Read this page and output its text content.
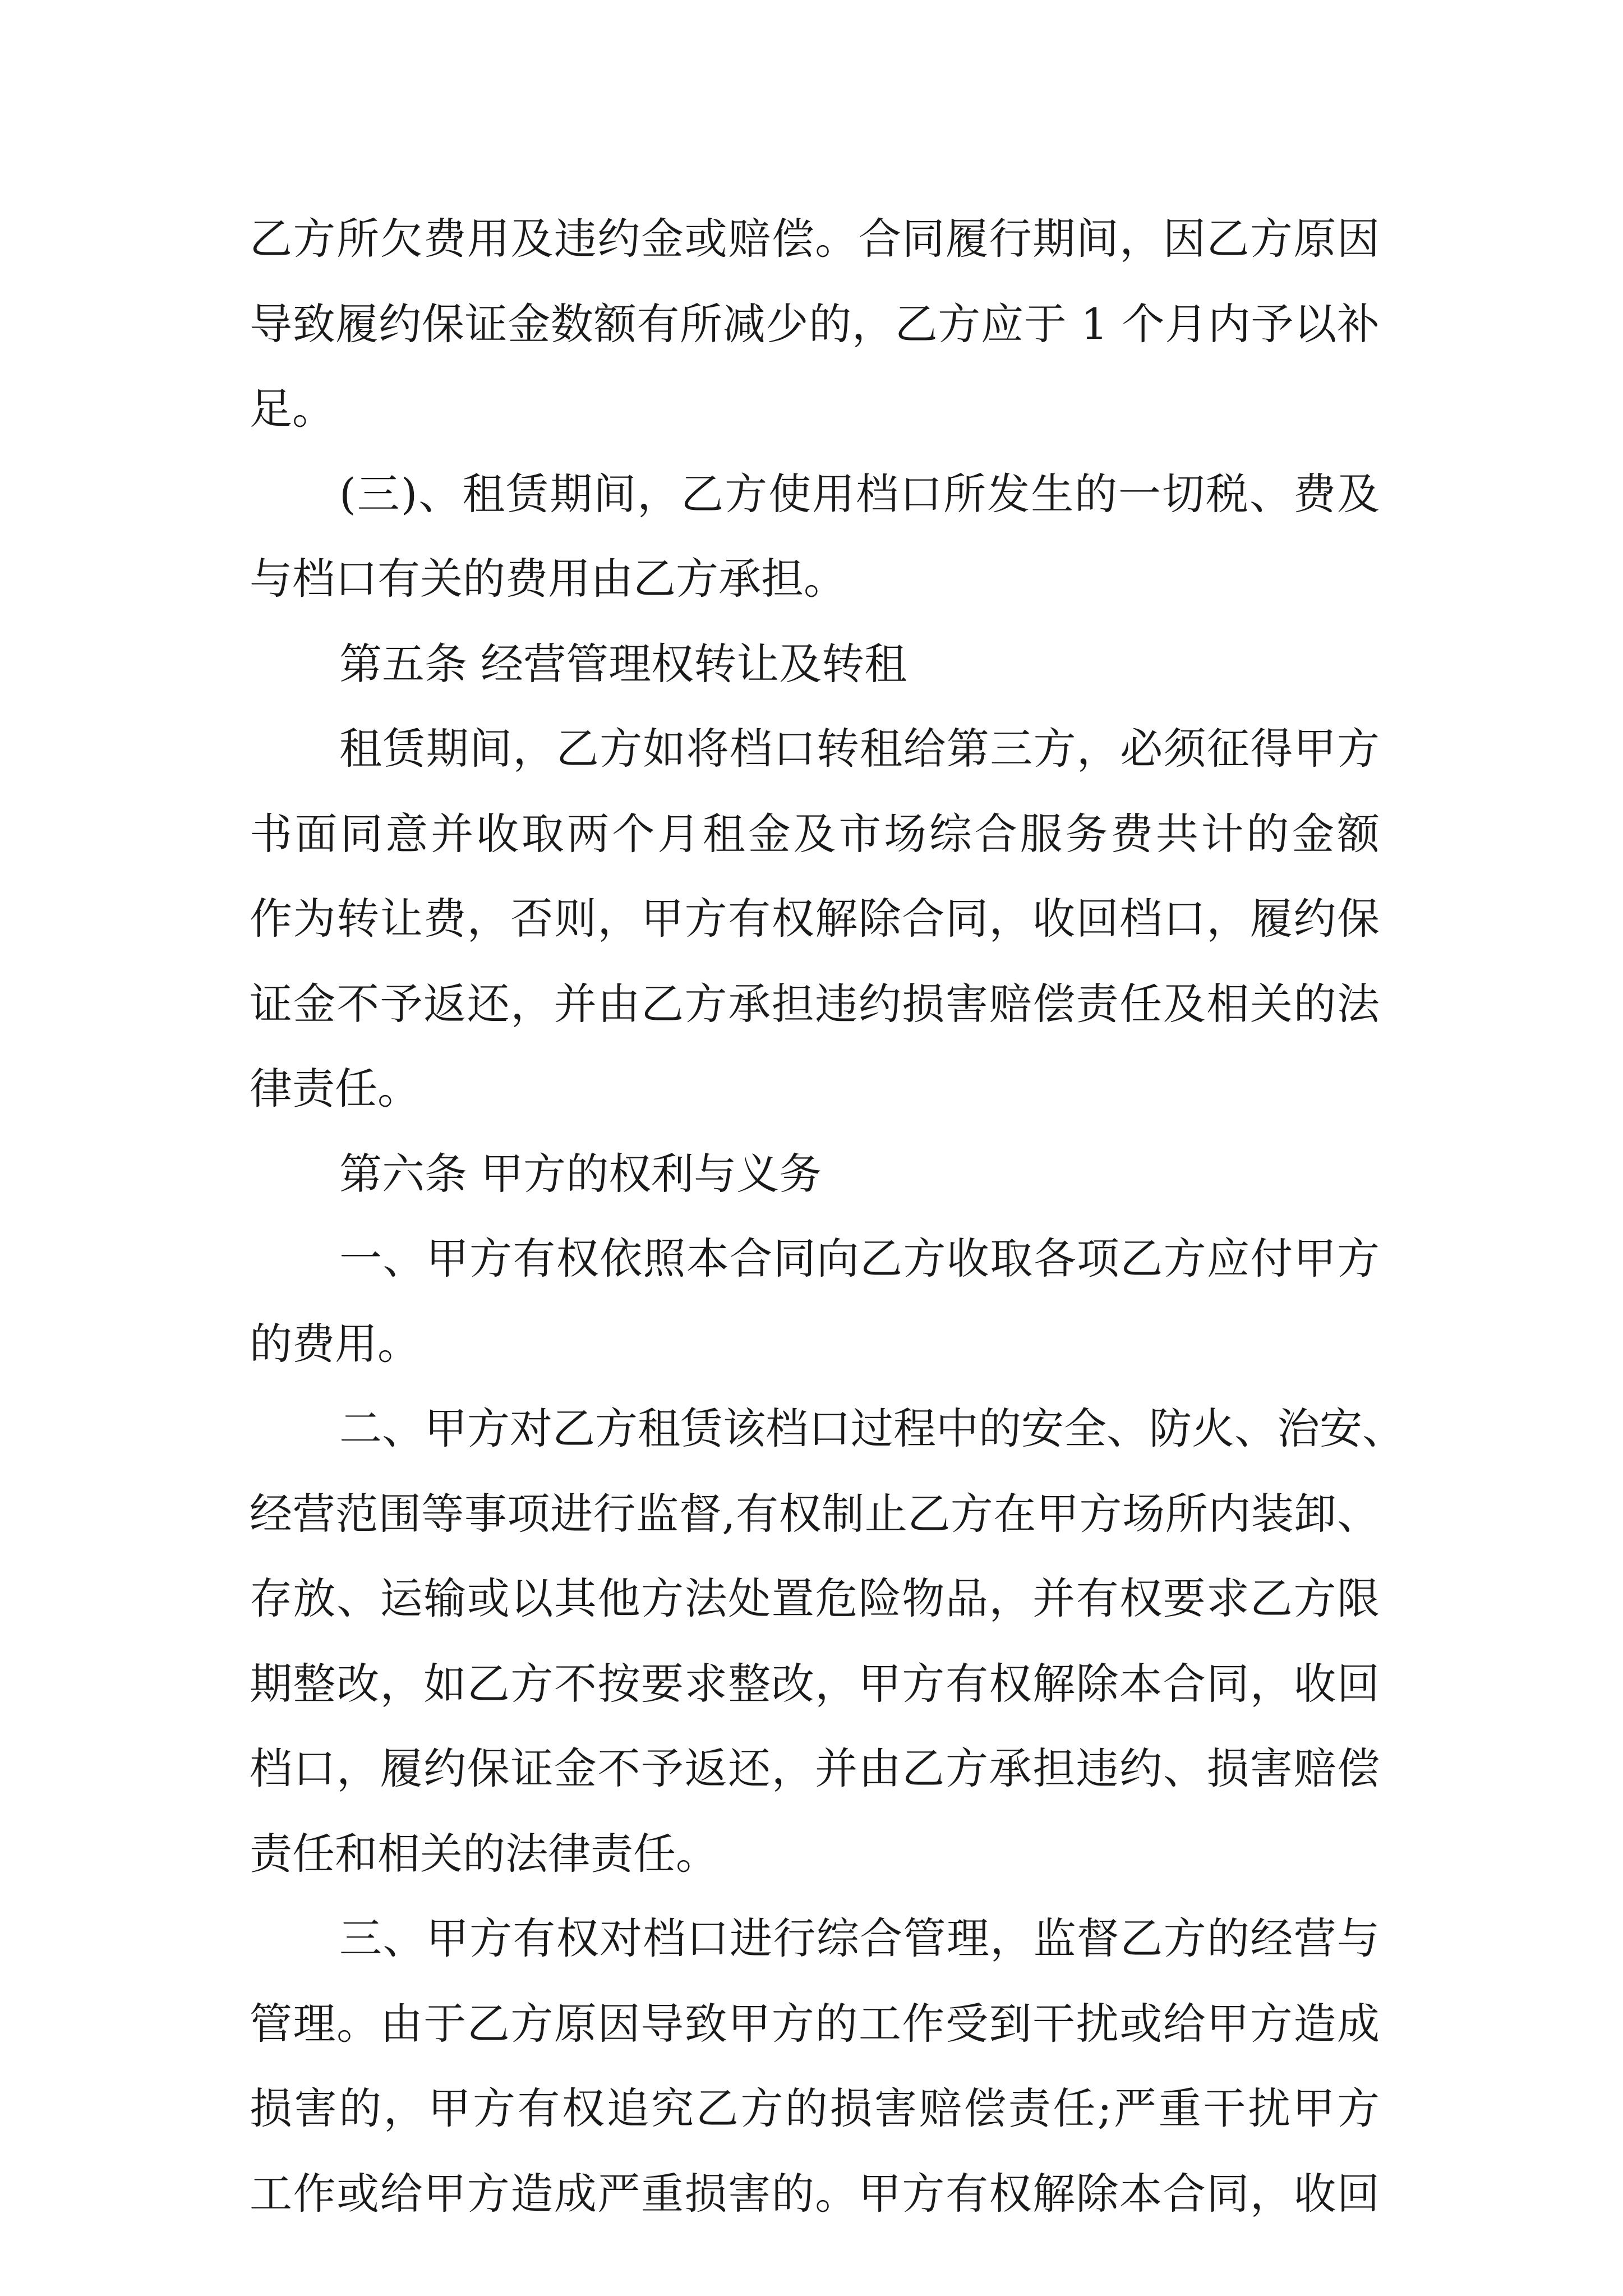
乙方所欠费用及违约金或赔偿。合同履行期间，因乙方原因
导致履约保证金数额有所减少的，乙方应于 1 个月内予以补
足。
(三)、租赁期间，乙方使用档口所发生的一切税、费及
与档口有关的费用由乙方承担。
第五条 经营管理权转让及转租
租赁期间，乙方如将档口转租给第三方，必须征得甲方
书面同意并收取两个月租金及市场综合服务费共计的金额
作为转让费，否则，甲方有权解除合同，收回档口，履约保
证金不予返还，并由乙方承担违约损害赔偿责任及相关的法
律责任。
第六条 甲方的权利与义务
一、甲方有权依照本合同向乙方收取各项乙方应付甲方
的费用。
二、甲方对乙方租赁该档口过程中的安全、防火、治安、
经营范围等事项进行监督,有权制止乙方在甲方场所内装卸、
存放、运输或以其他方法处置危险物品，并有权要求乙方限
期整改，如乙方不按要求整改，甲方有权解除本合同，收回
档口，履约保证金不予返还，并由乙方承担违约、损害赔偿
责任和相关的法律责任。
三、甲方有权对档口进行综合管理，监督乙方的经营与
管理。由于乙方原因导致甲方的工作受到干扰或给甲方造成
损害的，甲方有权追究乙方的损害赔偿责任;严重干扰甲方
工作或给甲方造成严重损害的。甲方有权解除本合同，收回
